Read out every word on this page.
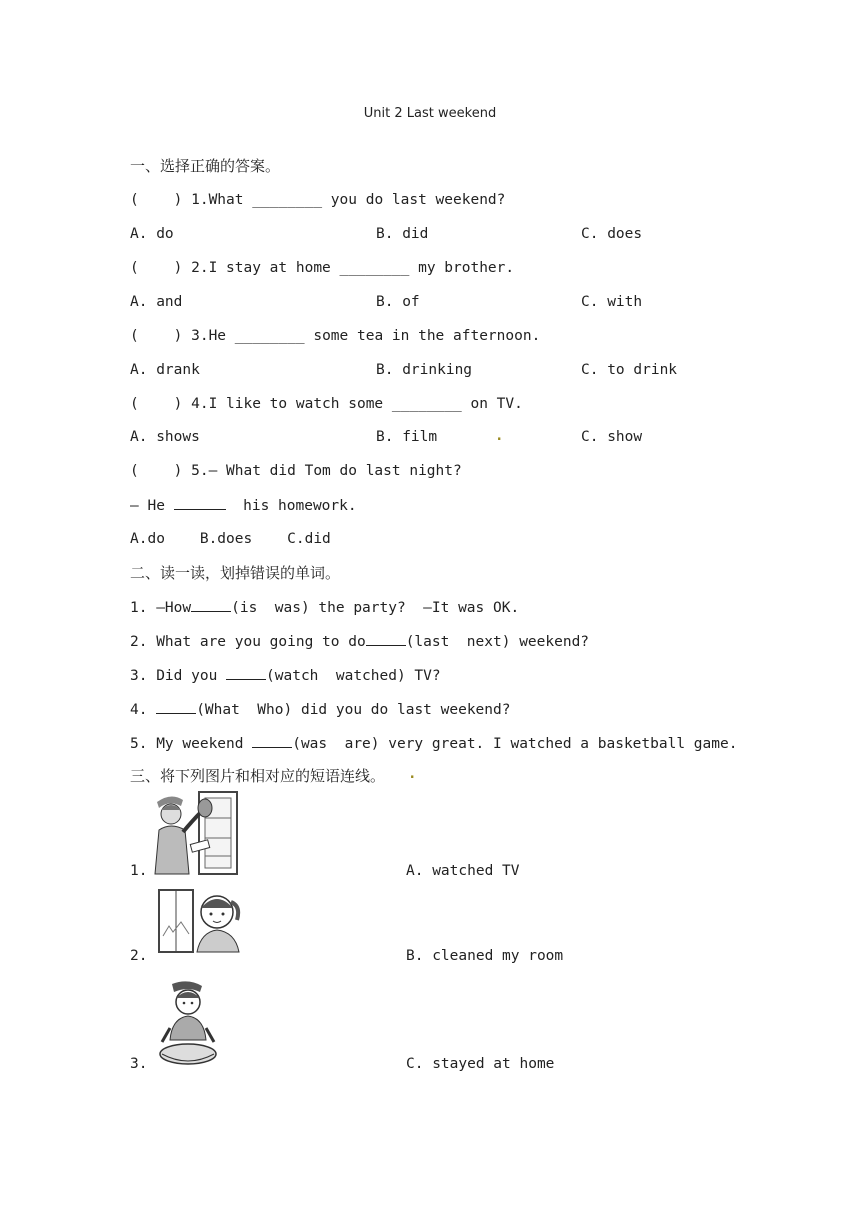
Unit 2 Last weekend
一、选择正确的答案。
(    ) 1.What ________ you do last weekend?
A. do	B. did	C. does
(    ) 2.I stay at home ________ my brother.
A. and	B. of	C. with
(    ) 3.He ________ some tea in the afternoon.
A. drank	B. drinking	C. to drink
(    ) 4.I like to watch some ________ on TV.
A. shows	B. film	.	C. show
(    ) 5.— What did Tom do last night?
— He	his homework.
A.do    B.does    C.did
二、读一读，划掉错误的单词。
1. —How	(is  was) the party?  —It was OK.
2. What are you going to do	(last  next) weekend?
3. Did you	(watch  watched) TV?
4.	(What  Who) did you do last weekend?
5. My weekend	(was  are) very great. I watched a basketball game.
三、将下列图片和相对应的短语连线。 .
1.	A. watched TV
2.	B. cleaned my room
3.	C. stayed at home
